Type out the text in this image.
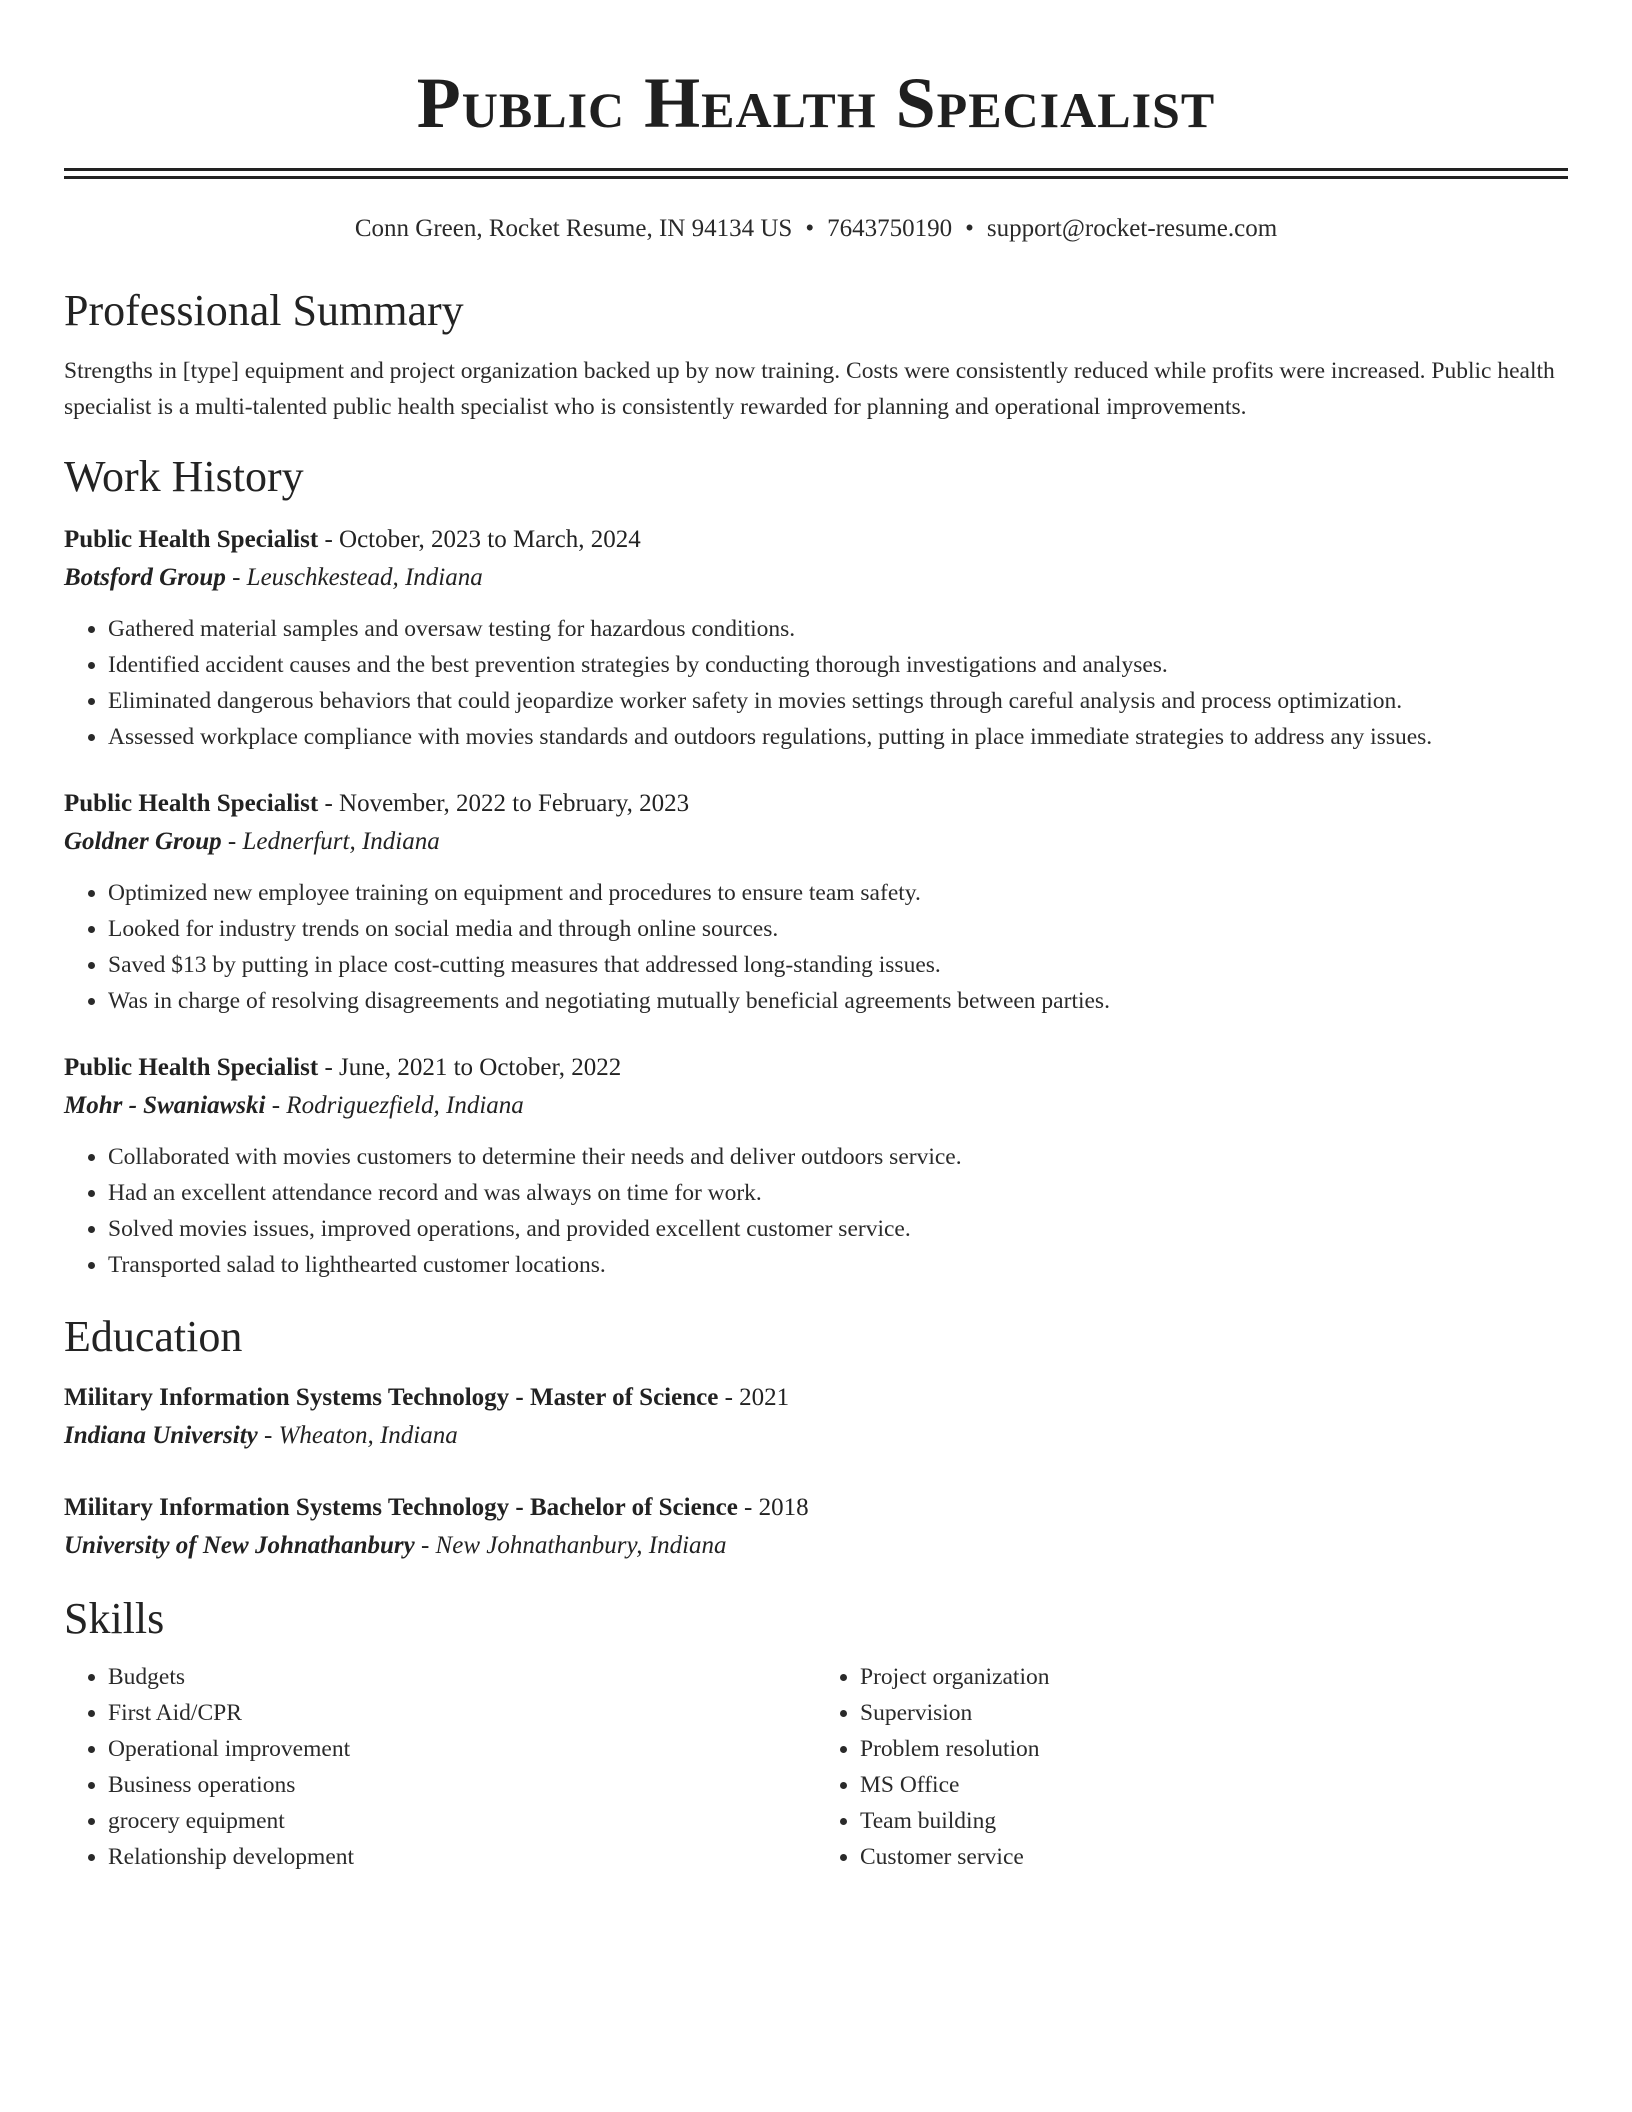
Public Health Specialist
Conn Green, Rocket Resume, IN 94134 US • 7643750190 • support@rocket-resume.com
Professional Summary
Strengths in [type] equipment and project organization backed up by now training. Costs were consistently reduced while profits were increased. Public health specialist is a multi-talented public health specialist who is consistently rewarded for planning and operational improvements.
Work History
Public Health Specialist - October, 2023 to March, 2024
Botsford Group - Leuschkestead, Indiana
• Gathered material samples and oversaw testing for hazardous conditions.
• Identified accident causes and the best prevention strategies by conducting thorough investigations and analyses.
• Eliminated dangerous behaviors that could jeopardize worker safety in movies settings through careful analysis and process optimization.
• Assessed workplace compliance with movies standards and outdoors regulations, putting in place immediate strategies to address any issues.
Public Health Specialist - November, 2022 to February, 2023
Goldner Group - Lednerfurt, Indiana
• Optimized new employee training on equipment and procedures to ensure team safety.
• Looked for industry trends on social media and through online sources.
• Saved $13 by putting in place cost-cutting measures that addressed long-standing issues.
• Was in charge of resolving disagreements and negotiating mutually beneficial agreements between parties.
Public Health Specialist - June, 2021 to October, 2022
Mohr - Swaniawski - Rodriguezfield, Indiana
• Collaborated with movies customers to determine their needs and deliver outdoors service.
• Had an excellent attendance record and was always on time for work.
• Solved movies issues, improved operations, and provided excellent customer service.
• Transported salad to lighthearted customer locations.
Education
Military Information Systems Technology - Master of Science - 2021
Indiana University - Wheaton, Indiana
Military Information Systems Technology - Bachelor of Science - 2018
University of New Johnathanbury - New Johnathanbury, Indiana
Skills
• Budgets
• First Aid/CPR
• Operational improvement
• Business operations
• grocery equipment
• Relationship development
• Project organization
• Supervision
• Problem resolution
• MS Office
• Team building
• Customer service
